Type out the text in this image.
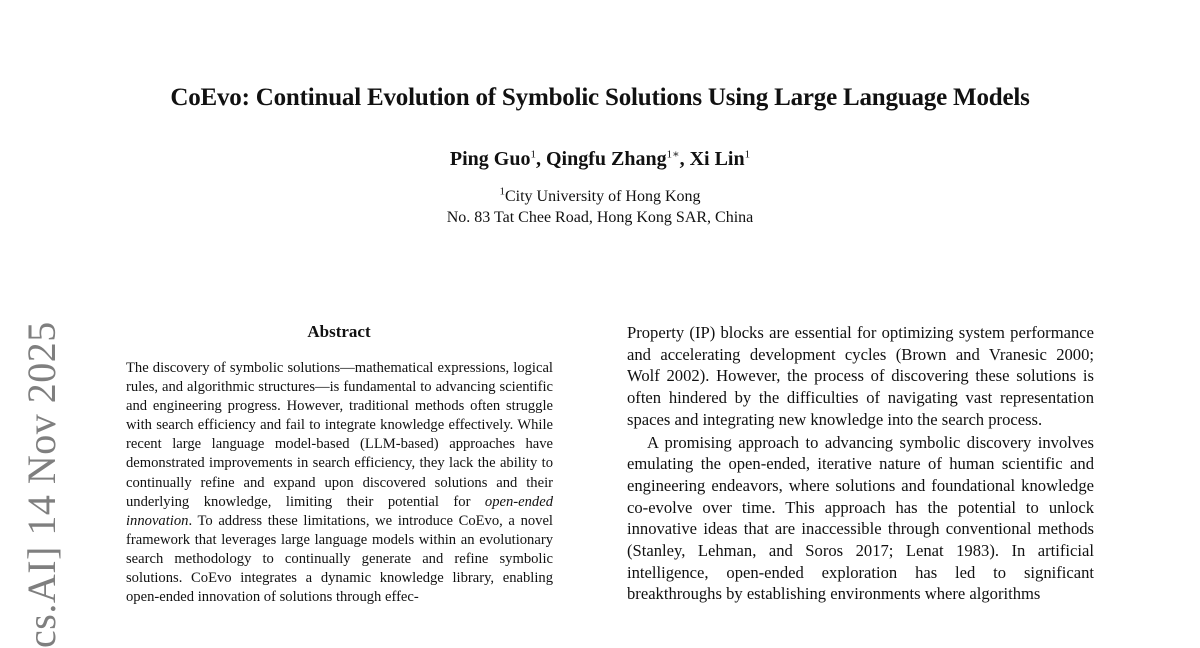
cs.AI] 14 Nov 2025
CoEvo: Continual Evolution of Symbolic Solutions Using Large Language Models
Ping Guo$^1$, Qingfu Zhang$^{1∗}$, Xi Lin$^1$
$^1$City University of Hong Kong
No. 83 Tat Chee Road, Hong Kong SAR, China
Abstract
The discovery of symbolic solutions—mathematical expressions, logical rules, and algorithmic structures—is fundamental to advancing scientific and engineering progress. However, traditional methods often struggle with search efficiency and fail to integrate knowledge effectively. While recent large language model-based (LLM-based) approaches have demonstrated improvements in search efficiency, they lack the ability to continually refine and expand upon discovered solutions and their underlying knowledge, limiting their potential for open-ended innovation. To address these limitations, we introduce CoEvo, a novel framework that leverages large language models within an evolutionary search methodology to continually generate and refine symbolic solutions. CoEvo integrates a dynamic knowledge library, enabling open-ended innovation of solutions through effec-

Property (IP) blocks are essential for optimizing system performance and accelerating development cycles (Brown and Vranesic 2000; Wolf 2002). However, the process of discovering these solutions is often hindered by the difficulties of navigating vast representation spaces and integrating new knowledge into the search process.

A promising approach to advancing symbolic discovery involves emulating the open-ended, iterative nature of human scientific and engineering endeavors, where solutions and foundational knowledge co-evolve over time. This approach has the potential to unlock innovative ideas that are inaccessible through conventional methods (Stanley, Lehman, and Soros 2017; Lenat 1983). In artificial intelligence, open-ended exploration has led to significant breakthroughs by establishing environments where algorithms
